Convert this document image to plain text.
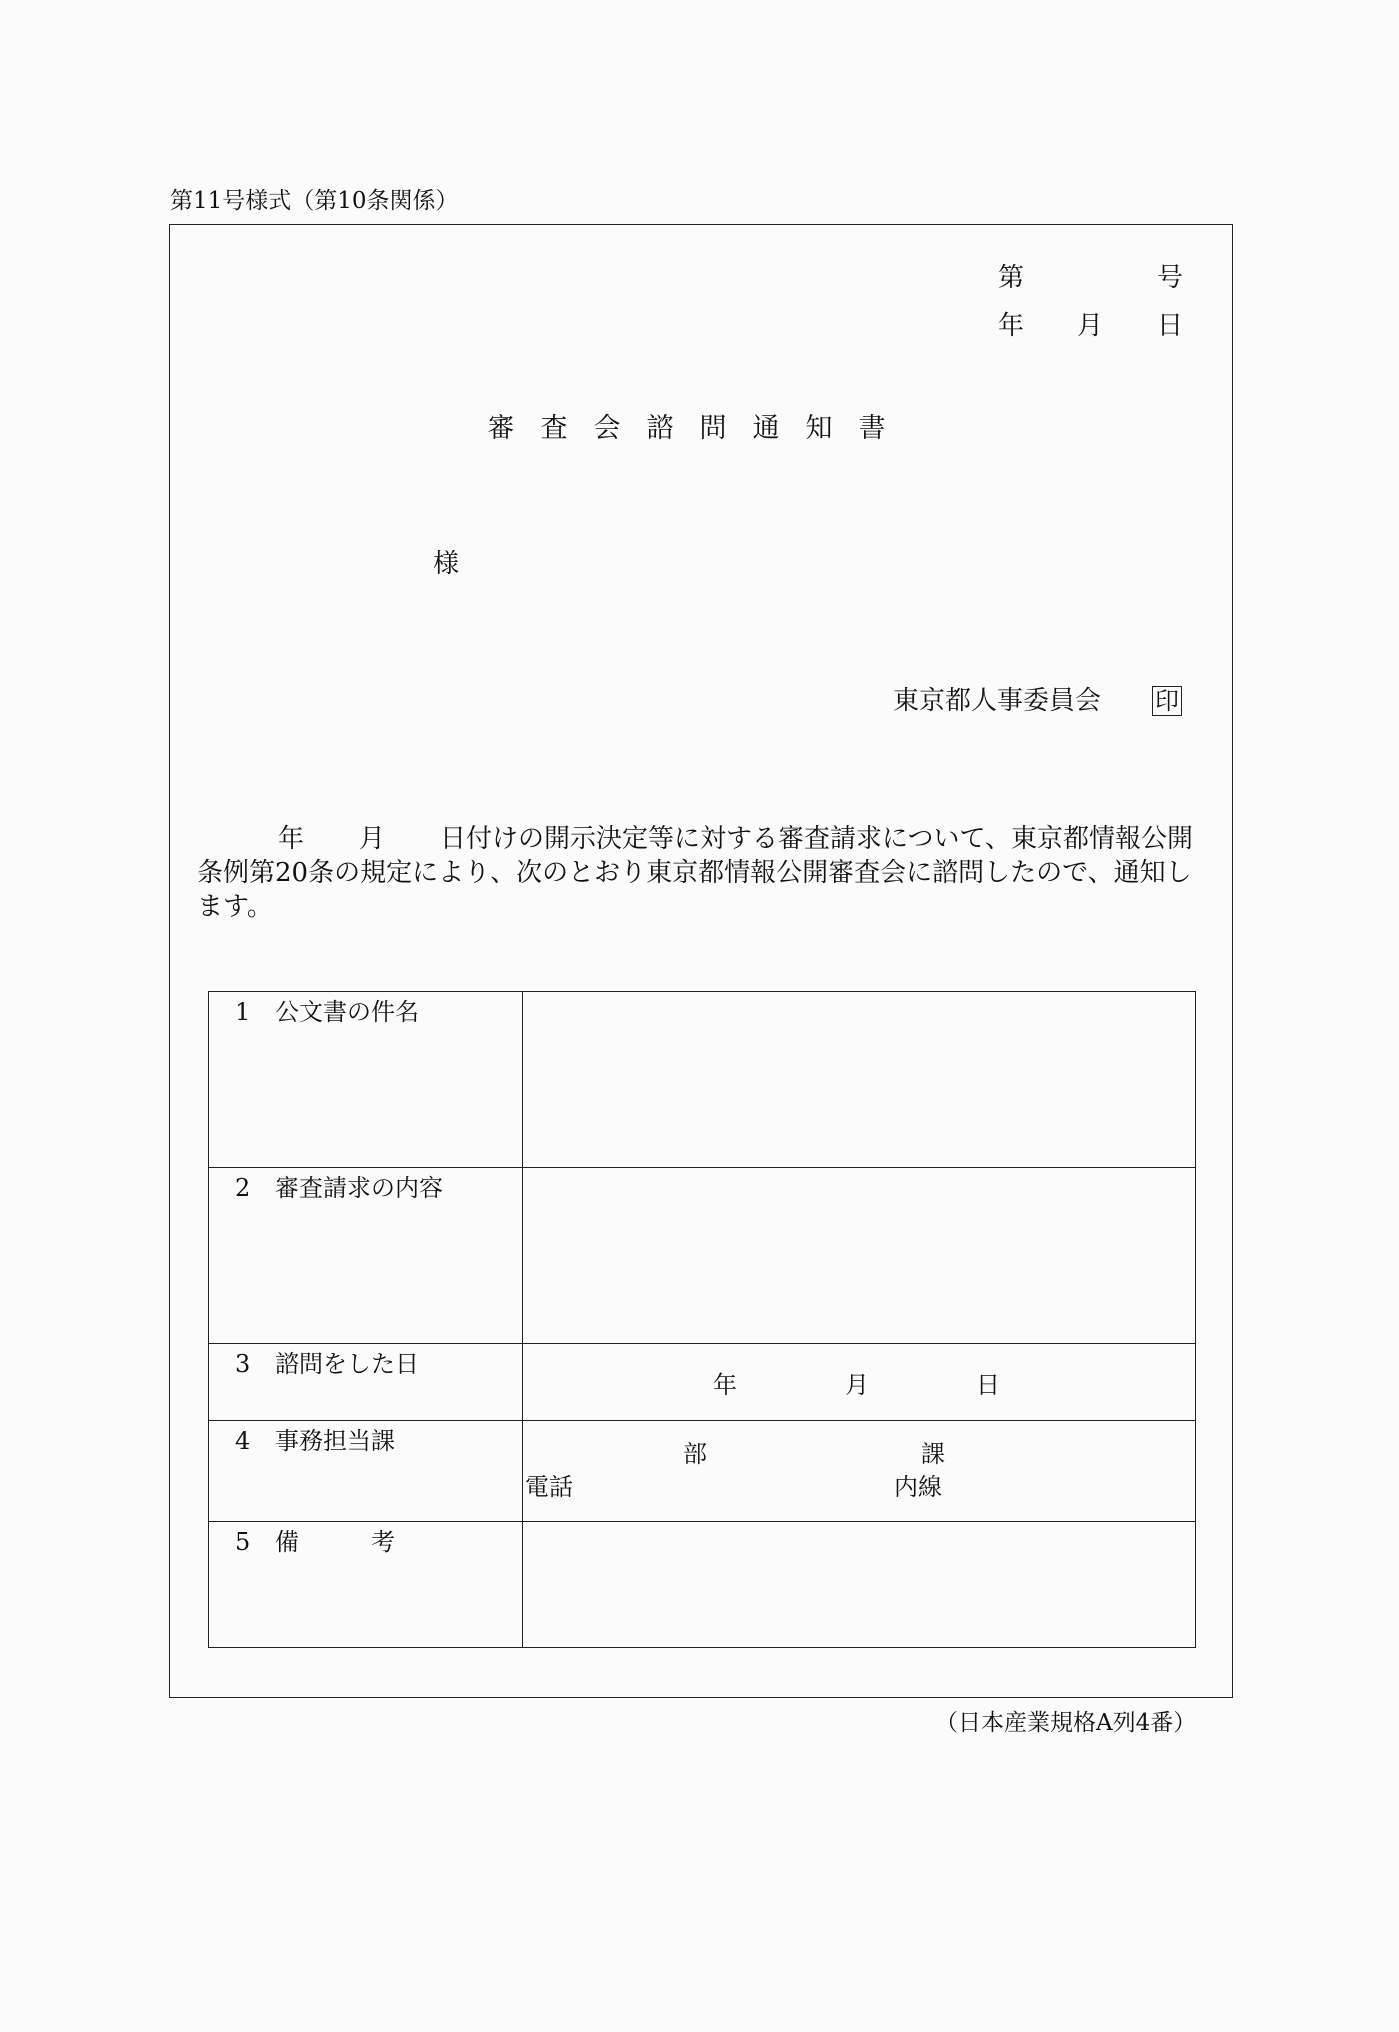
第11号様式（第10条関係）
第	号
年 月 日
審査会諮問通知書
様
東京都人事委員会 印

年 月 日付けの開示決定等に対する審査請求について、東京都情報公開

条例第20条の規定により、次のとおり東京都情報公開審査会に諮問したので、通知し

ます。

1 公文書の件名	

2 審査請求の内容	

3 諮問をした日	年 月 日

4 事務担当課	部 課
電話 内線

5 備　　　考	

（日本産業規格A列4番）
